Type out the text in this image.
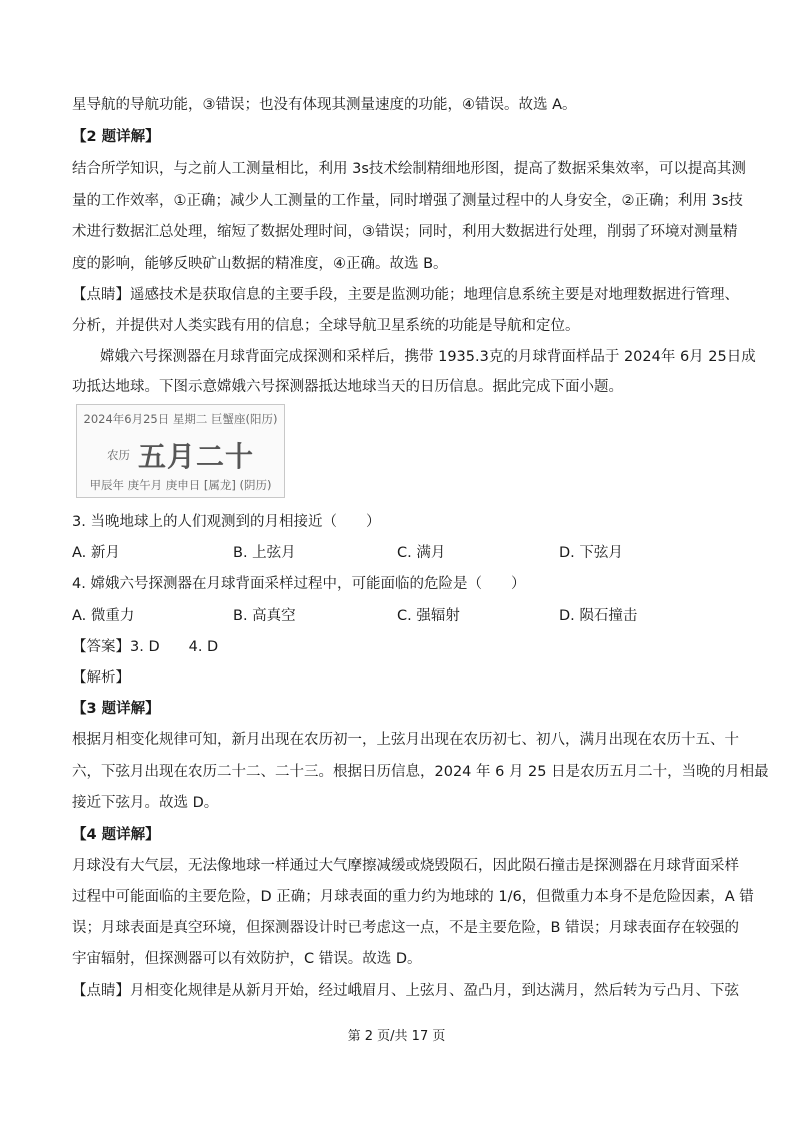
星导航的导航功能，③错误；也没有体现其测量速度的功能，④错误。故选 A。
【2 题详解】
结合所学知识，与之前人工测量相比，利用 3s技术绘制精细地形图，提高了数据采集效率，可以提高其测
量的工作效率，①正确；减少人工测量的工作量，同时增强了测量过程中的人身安全，②正确；利用 3s技
术进行数据汇总处理，缩短了数据处理时间，③错误；同时，利用大数据进行处理，削弱了环境对测量精
度的影响，能够反映矿山数据的精准度，④正确。故选 B。
【点睛】遥感技术是获取信息的主要手段，主要是监测功能；地理信息系统主要是对地理数据进行管理、
分析，并提供对人类实践有用的信息；全球导航卫星系统的功能是导航和定位。
嫦娥六号探测器在月球背面完成探测和采样后，携带 1935.3克的月球背面样品于 2024年 6月 25日成
功抵达地球。下图示意嫦娥六号探测器抵达地球当天的日历信息。据此完成下面小题。
2024年6月25日 星期二 巨蟹座(阳历)
农历 五月二十
甲辰年 庚午月 庚申日 [属龙] (阴历)
3. 当晚地球上的人们观测到的月相接近（　　）
A. 新月	B. 上弦月	C. 满月	D. 下弦月
4. 嫦娥六号探测器在月球背面采样过程中，可能面临的危险是（　　）
A. 微重力	B. 高真空	C. 强辐射	D. 陨石撞击
【答案】3. D　　4. D
【解析】
【3 题详解】
根据月相变化规律可知，新月出现在农历初一，上弦月出现在农历初七、初八，满月出现在农历十五、十
六，下弦月出现在农历二十二、二十三。根据日历信息，2024 年 6 月 25 日是农历五月二十，当晚的月相最
接近下弦月。故选 D。
【4 题详解】
月球没有大气层，无法像地球一样通过大气摩擦减缓或烧毁陨石，因此陨石撞击是探测器在月球背面采样
过程中可能面临的主要危险，D 正确；月球表面的重力约为地球的 1/6，但微重力本身不是危险因素，A 错
误；月球表面是真空环境，但探测器设计时已考虑这一点，不是主要危险，B 错误；月球表面存在较强的
宇宙辐射，但探测器可以有效防护，C 错误。故选 D。
【点睛】月相变化规律是从新月开始，经过峨眉月、上弦月、盈凸月，到达满月，然后转为亏凸月、下弦
第 2 页/共 17 页
